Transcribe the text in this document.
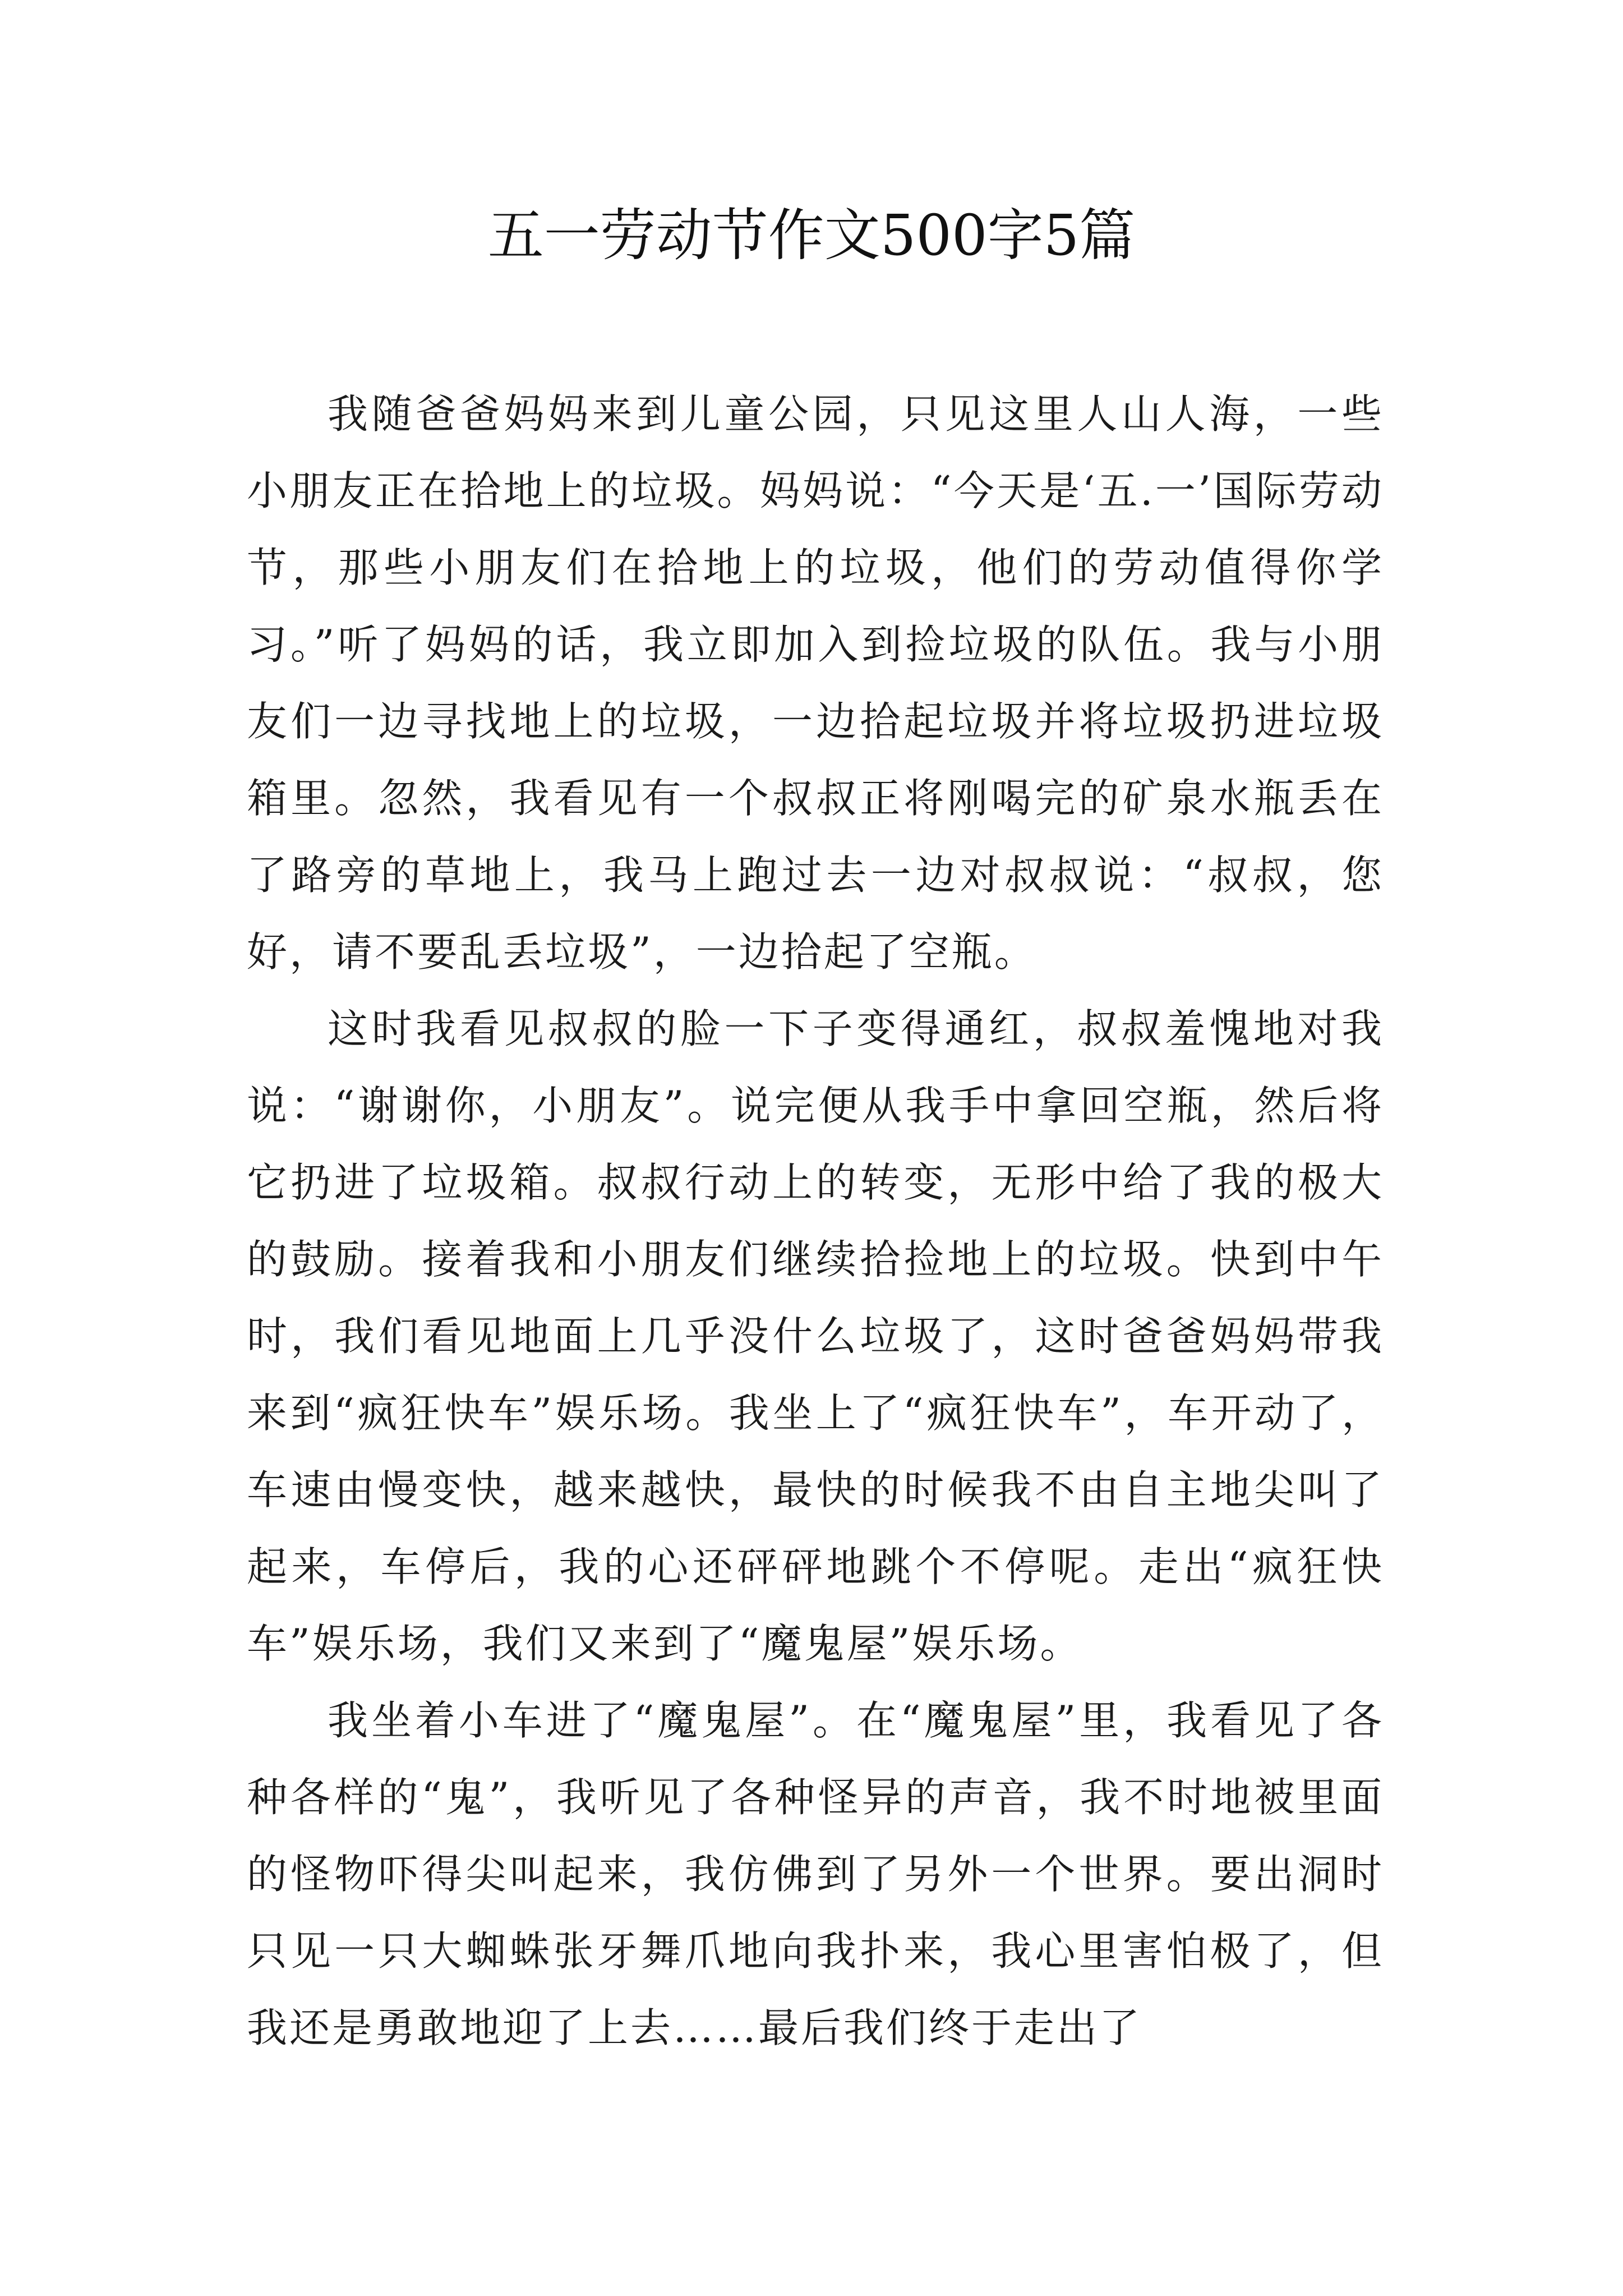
五一劳动节作文500字5篇

我随爸爸妈妈来到儿童公园，只见这里人山人海，一些小朋友正在拾地上的垃圾。妈妈说：“今天是‘五.一’国际劳动节，那些小朋友们在拾地上的垃圾，他们的劳动值得你学习。”听了妈妈的话，我立即加入到捡垃圾的队伍。我与小朋友们一边寻找地上的垃圾，一边拾起垃圾并将垃圾扔进垃圾箱里。忽然，我看见有一个叔叔正将刚喝完的矿泉水瓶丢在了路旁的草地上，我马上跑过去一边对叔叔说：“叔叔，您好，请不要乱丢垃圾”，一边拾起了空瓶。

这时我看见叔叔的脸一下子变得通红，叔叔羞愧地对我说：“谢谢你，小朋友”。说完便从我手中拿回空瓶，然后将它扔进了垃圾箱。叔叔行动上的转变，无形中给了我的极大的鼓励。接着我和小朋友们继续拾捡地上的垃圾。快到中午时，我们看见地面上几乎没什么垃圾了，这时爸爸妈妈带我来到“疯狂快车”娱乐场。我坐上了“疯狂快车”，车开动了，车速由慢变快，越来越快，最快的时候我不由自主地尖叫了起来，车停后，我的心还砰砰地跳个不停呢。走出“疯狂快车”娱乐场，我们又来到了“魔鬼屋”娱乐场。

我坐着小车进了“魔鬼屋”。在“魔鬼屋”里，我看见了各种各样的“鬼”，我听见了各种怪异的声音，我不时地被里面的怪物吓得尖叫起来，我仿佛到了另外一个世界。要出洞时只见一只大蜘蛛张牙舞爪地向我扑来，我心里害怕极了，但我还是勇敢地迎了上去……最后我们终于走出了
